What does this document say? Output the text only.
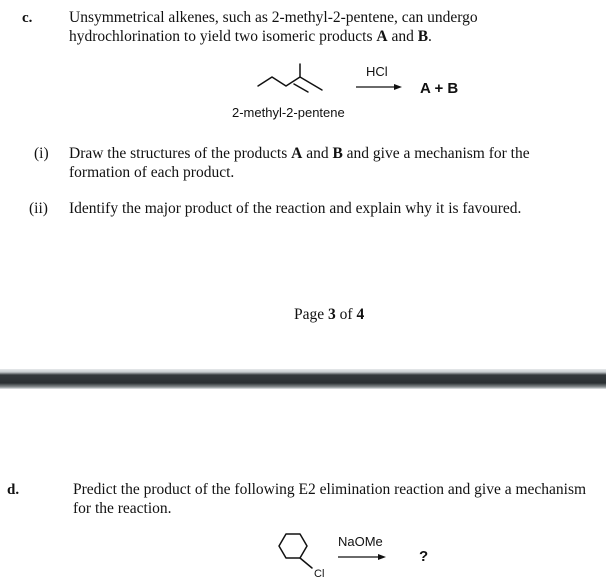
c. Unsymmetrical alkenes, such as 2-methyl-2-pentene, can undergo
hydrochlorination to yield two isomeric products A and B.
HCl
A + B
2-methyl-2-pentene
(i) Draw the structures of the products A and B and give a mechanism for the
formation of each product.
(ii) Identify the major product of the reaction and explain why it is favoured.
Page 3 of 4
d.	Predict the product of the following E2 elimination reaction and give a mechanism
for the reaction.
Cl
NaOMe
?
